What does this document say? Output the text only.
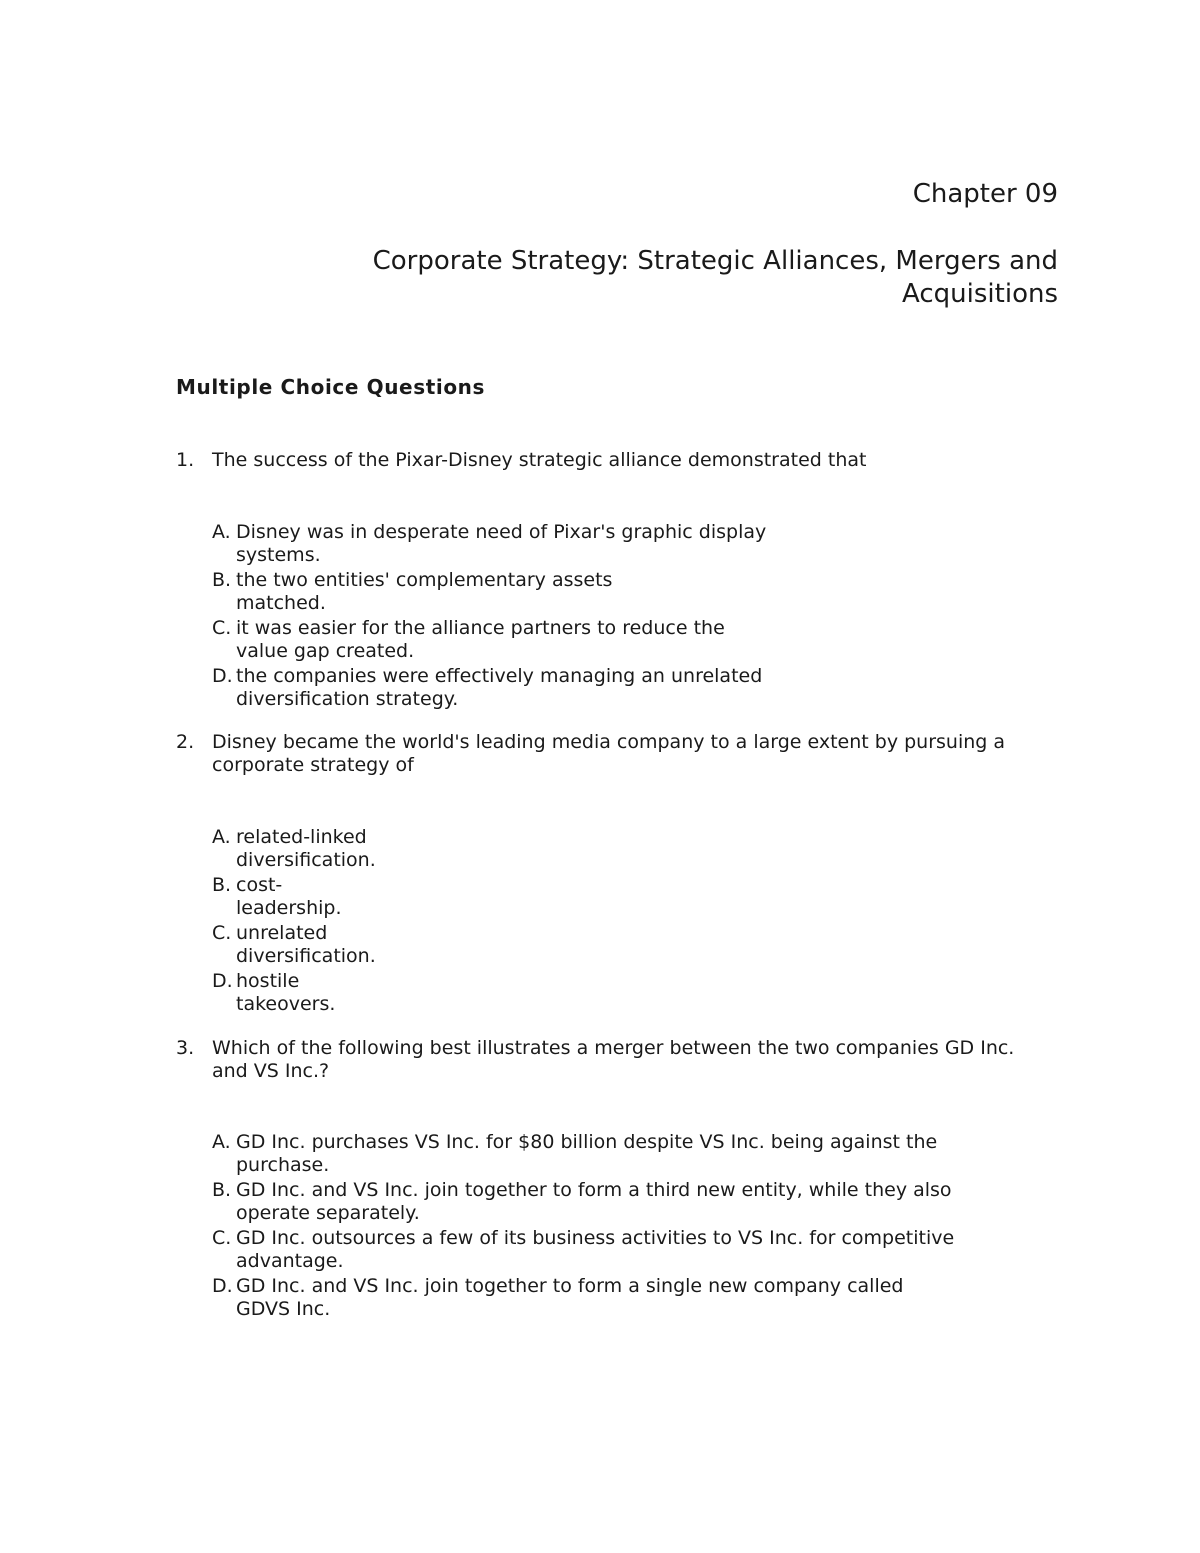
Chapter 09
Corporate Strategy: Strategic Alliances, Mergers and
Acquisitions
Multiple Choice Questions
1. The success of the Pixar-Disney strategic alliance demonstrated that
A. Disney was in desperate need of Pixar's graphic display systems.
B. the two entities' complementary assets matched.
C. it was easier for the alliance partners to reduce the value gap created.
D. the companies were effectively managing an unrelated diversification strategy.
2. Disney became the world's leading media company to a large extent by pursuing a corporate strategy of
A. related-linked diversification.
B. cost-leadership.
C. unrelated diversification.
D. hostile takeovers.
3. Which of the following best illustrates a merger between the two companies GD Inc. and VS Inc.?
A. GD Inc. purchases VS Inc. for $80 billion despite VS Inc. being against the purchase.
B. GD Inc. and VS Inc. join together to form a third new entity, while they also operate separately.
C. GD Inc. outsources a few of its business activities to VS Inc. for competitive advantage.
D. GD Inc. and VS Inc. join together to form a single new company called GDVS Inc.
